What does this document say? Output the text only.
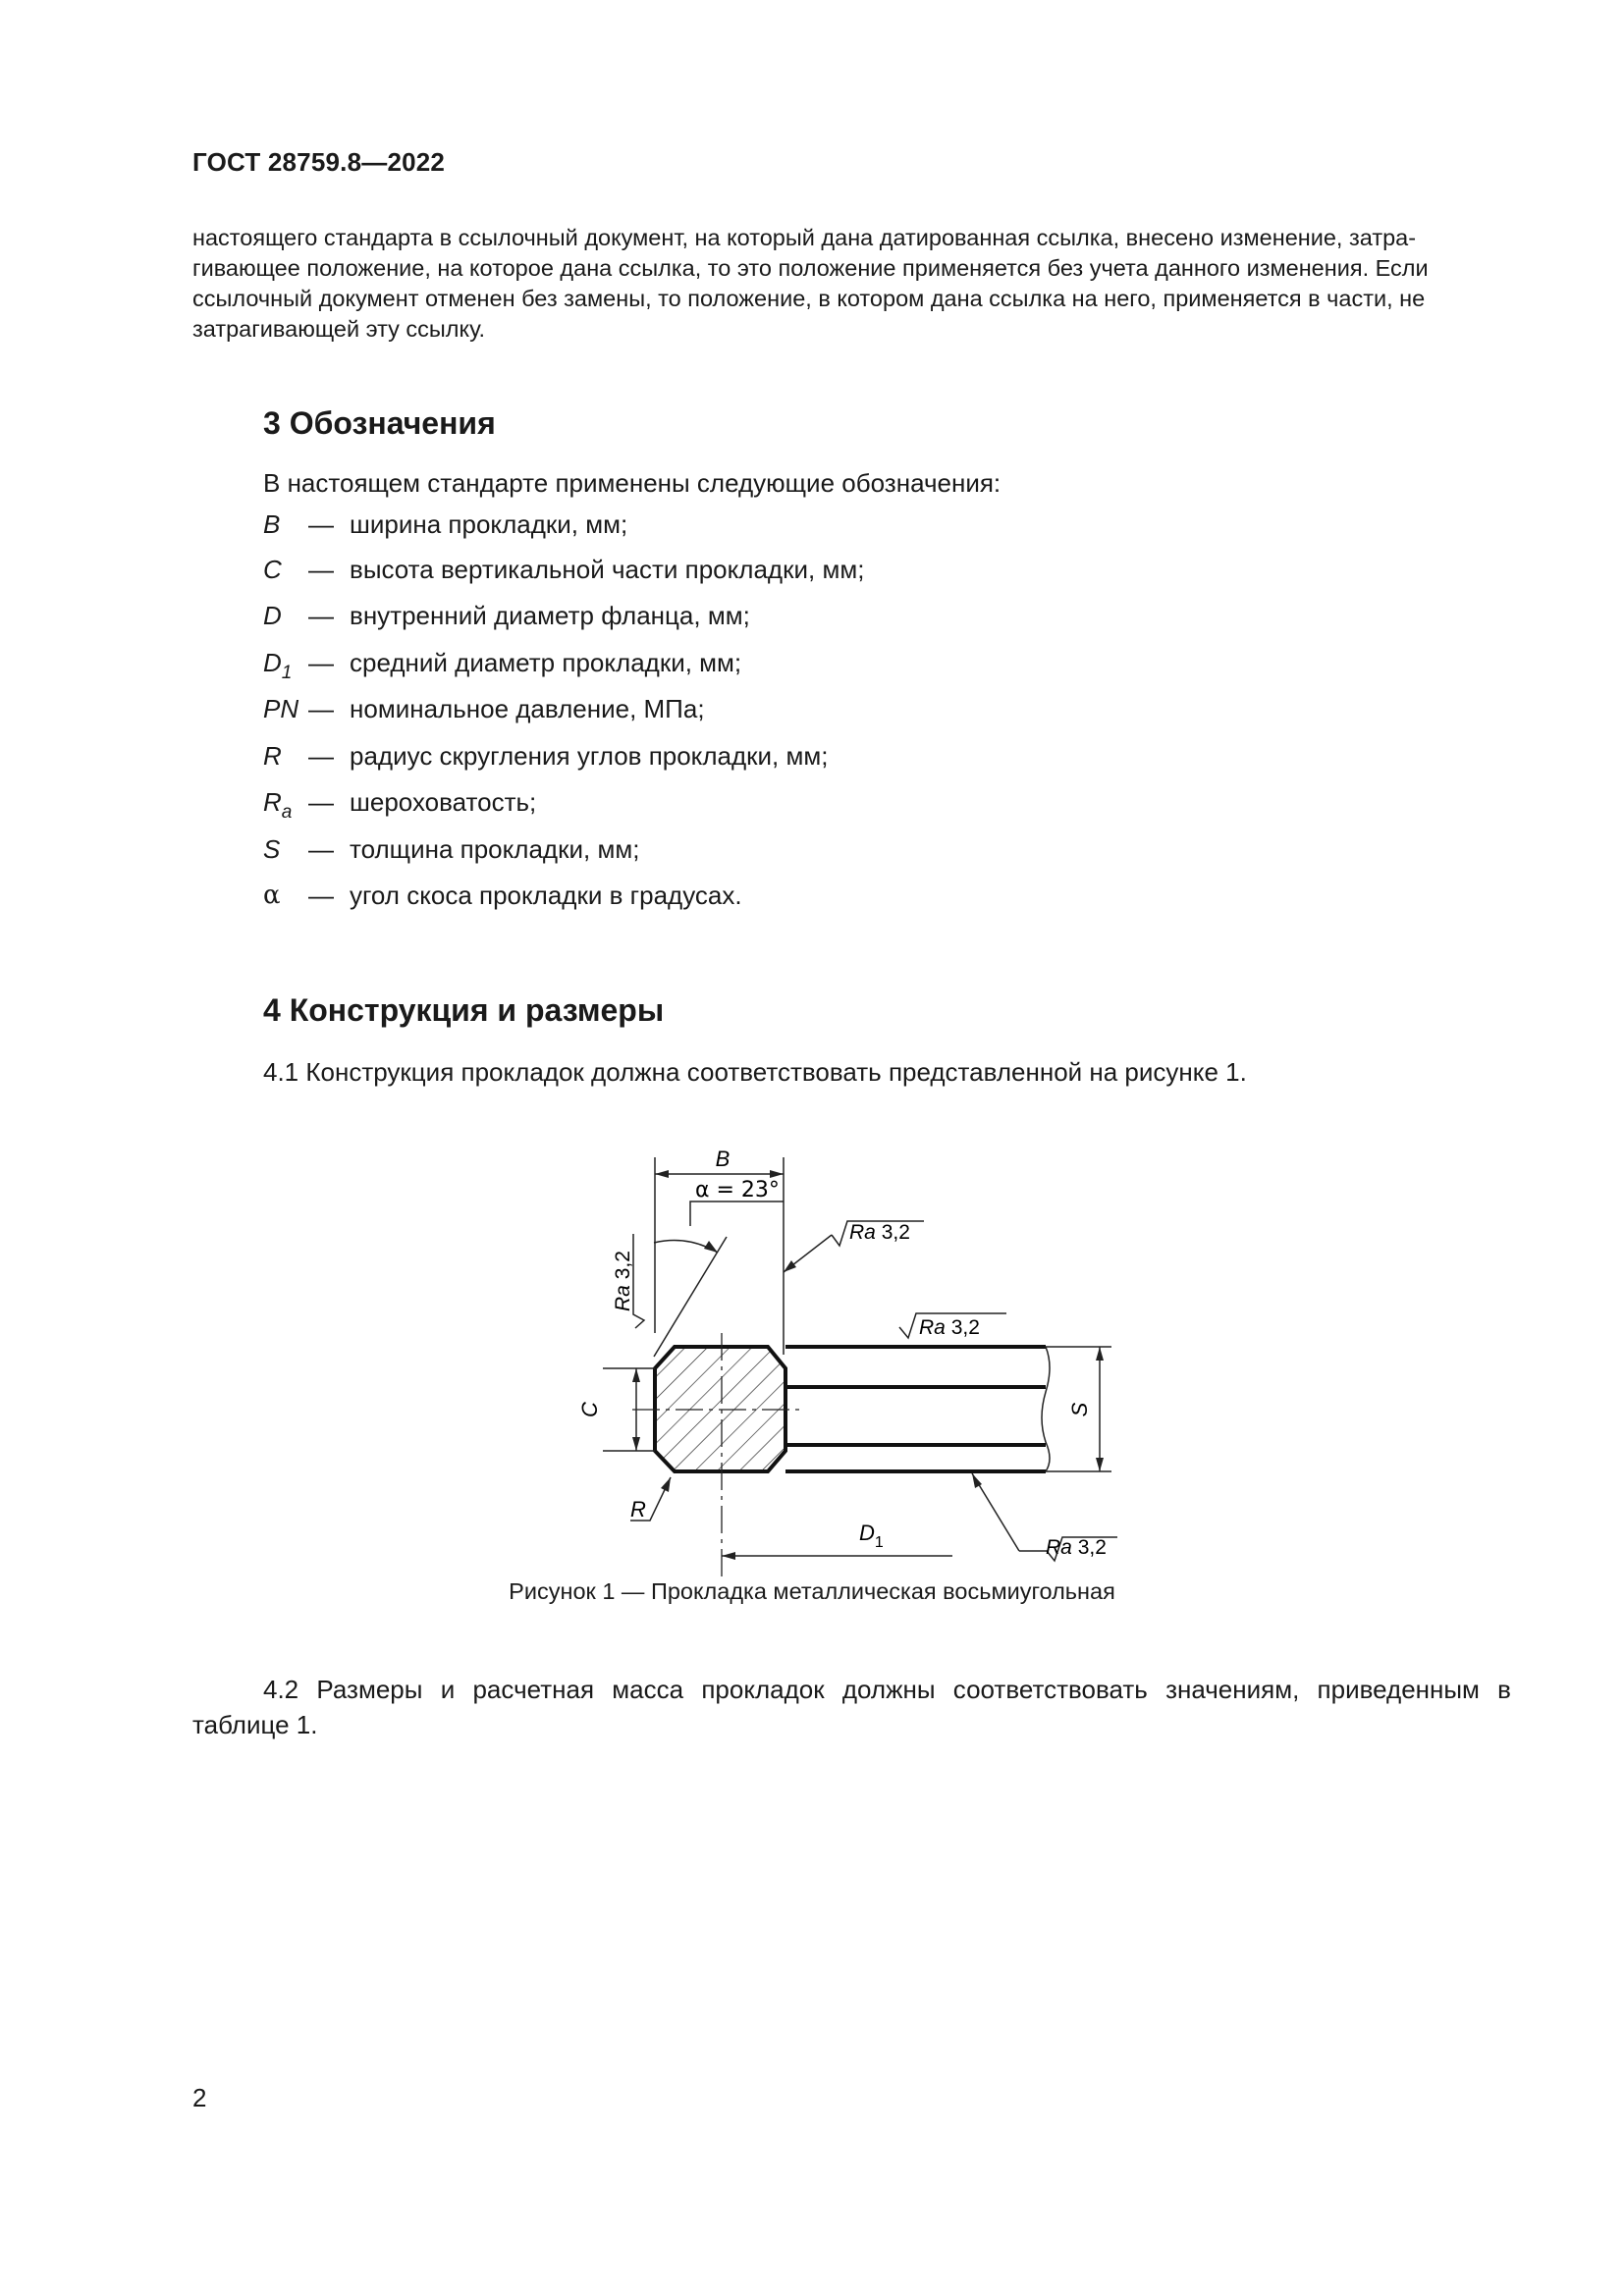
ГОСТ 28759.8—2022
настоящего стандарта в ссылочный документ, на который дана датированная ссылка, внесено изменение, затра-
гивающее положение, на которое дана ссылка, то это положение применяется без учета данного изменения. Если
ссылочный документ отменен без замены, то положение, в котором дана ссылка на него, применяется в части, не
затрагивающей эту ссылку.
3 Обозначения
В настоящем стандарте применены следующие обозначения:
B — ширина прокладки, мм;
C — высота вертикальной части прокладки, мм;
D — внутренний диаметр фланца, мм;
$D_1$ — средний диаметр прокладки, мм;
PN — номинальное давление, МПа;
R — радиус скругления углов прокладки, мм;
$R_a$ — шероховатость;
S — толщина прокладки, мм;
α — угол скоса прокладки в градусах.
4 Конструкция и размеры
4.1 Конструкция прокладок должна соответствовать представленной на рисунке 1.
B
α = 23°
Ra 3,2
Ra 3,2
Ra 3,2
C	S
R
$D_1$	Ra 3,2
Рисунок 1 — Прокладка металлическая восьмиугольная
4.2 Размеры и расчетная масса прокладок должны соответствовать значениям, приведенным в
таблице 1.
2
